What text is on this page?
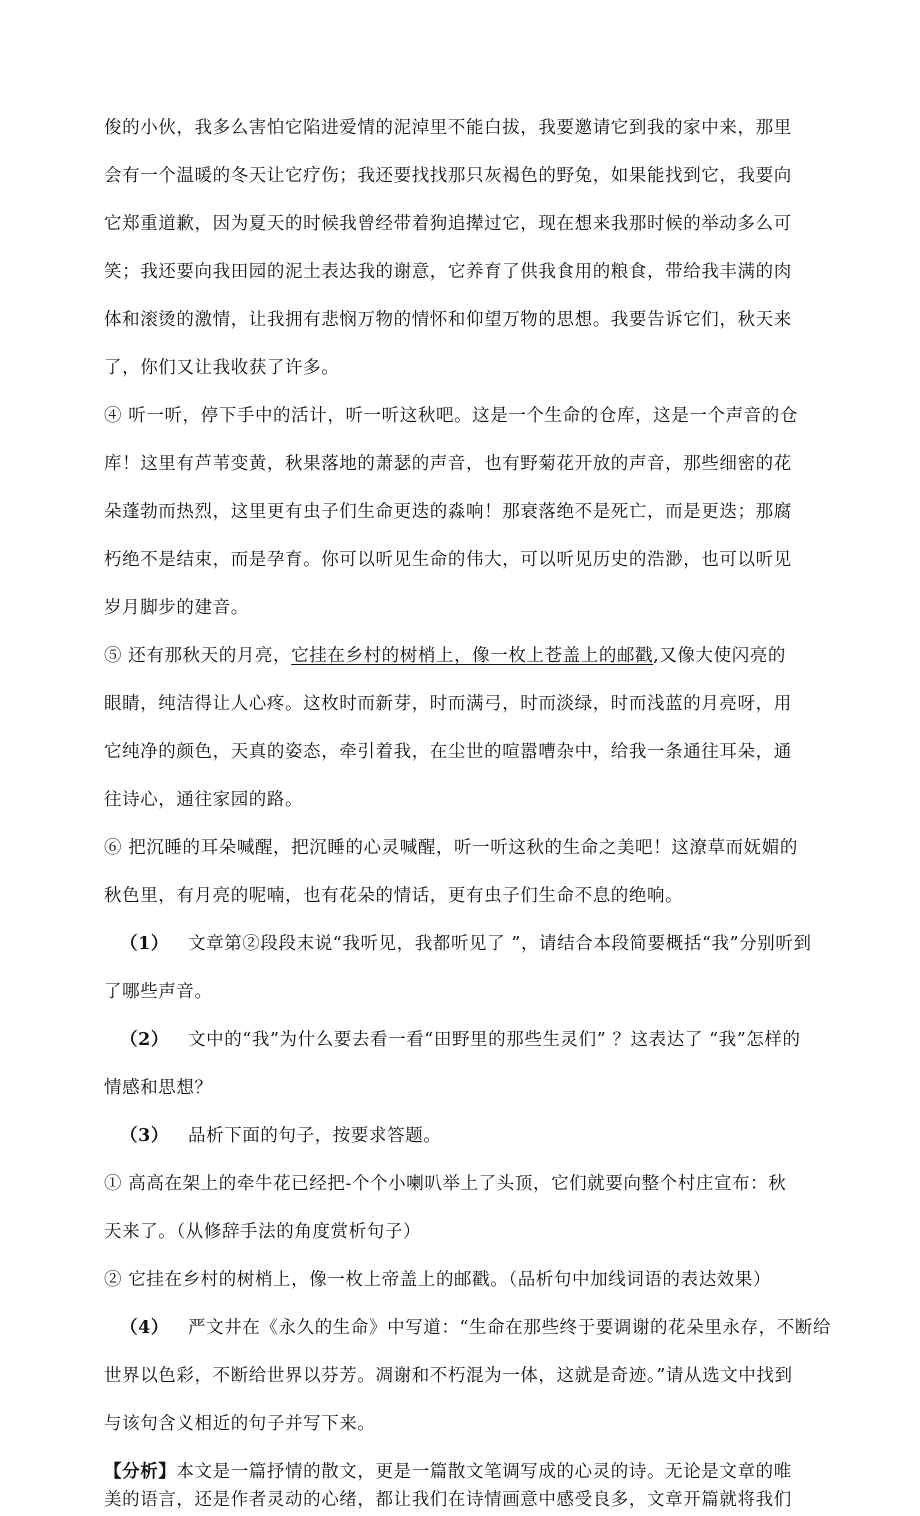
俊的小伙，我多么害怕它陷进爱情的泥淖里不能白拔，我要邀请它到我的家中来，那里
会有一个温暖的冬天让它疗伤；我还要找找那只灰褐色的野兔，如果能找到它，我要向
它郑重道歉，因为夏天的时候我曾经带着狗追撵过它，现在想来我那时候的举动多么可
笑；我还要向我田园的泥土表达我的谢意，它养育了供我食用的粮食，带给我丰满的肉
体和滚烫的激情，让我拥有悲悯万物的情怀和仰望万物的思想。我要告诉它们，秋天来
了，你们又让我收获了许多。
④ 听一听，停下手中的活计，听一听这秋吧。这是一个生命的仓库，这是一个声音的仓
库！这里有芦苇变黄，秋果落地的萧瑟的声音，也有野菊花开放的声音，那些细密的花
朵蓬勃而热烈，这里更有虫子们生命更迭的淼响！那衰落绝不是死亡，而是更迭；那腐
朽绝不是结束，而是孕育。你可以听见生命的伟大，可以听见历史的浩渺，也可以听见
岁月脚步的建音。
⑤ 还有那秋天的月亮，它挂在乡村的树梢上，像一枚上苍盖上的邮戳,又像大使闪亮的
眼睛，纯洁得让人心疼。这枚时而新芽，时而满弓，时而淡绿，时而浅蓝的月亮呀，用
它纯净的颜色，天真的姿态，牵引着我，在尘世的喧嚣嘈杂中，给我一条通往耳朵，通
往诗心，通往家园的路。
⑥ 把沉睡的耳朵喊醒，把沉睡的心灵喊醒，听一听这秋的生命之美吧！这潦草而妩媚的
秋色里，有月亮的呢喃，也有花朵的情话，更有虫子们生命不息的绝响。
（1） 文章第②段段末说“我听见，我都听见了 ”，请结合本段简要概括“我”分别听到
了哪些声音。
（2） 文中的“我”为什么要去看一看“田野里的那些生灵们” ？这表达了 “我”怎样的
情感和思想？
（3） 品析下面的句子，按要求答题。
① 高高在架上的牵牛花已经把-个个小喇叭举上了头顶，它们就要向整个村庄宣布：秋
天来了。（从修辞手法的角度赏析句子）
② 它挂在乡村的树梢上，像一枚上帝盖上的邮戳。（品析句中加线词语的表达效果）
（4） 严文井在《永久的生命》中写道：“生命在那些终于要调谢的花朵里永存，不断给
世界以色彩，不断给世界以芬芳。凋谢和不朽混为一体，这就是奇迹。”请从选文中找到
与该句含义相近的句子并写下来。
【分析】本文是一篇抒情的散文，更是一篇散文笔调写成的心灵的诗。无论是文章的唯
美的语言，还是作者灵动的心绪，都让我们在诗情画意中感受良多，文章开篇就将我们
